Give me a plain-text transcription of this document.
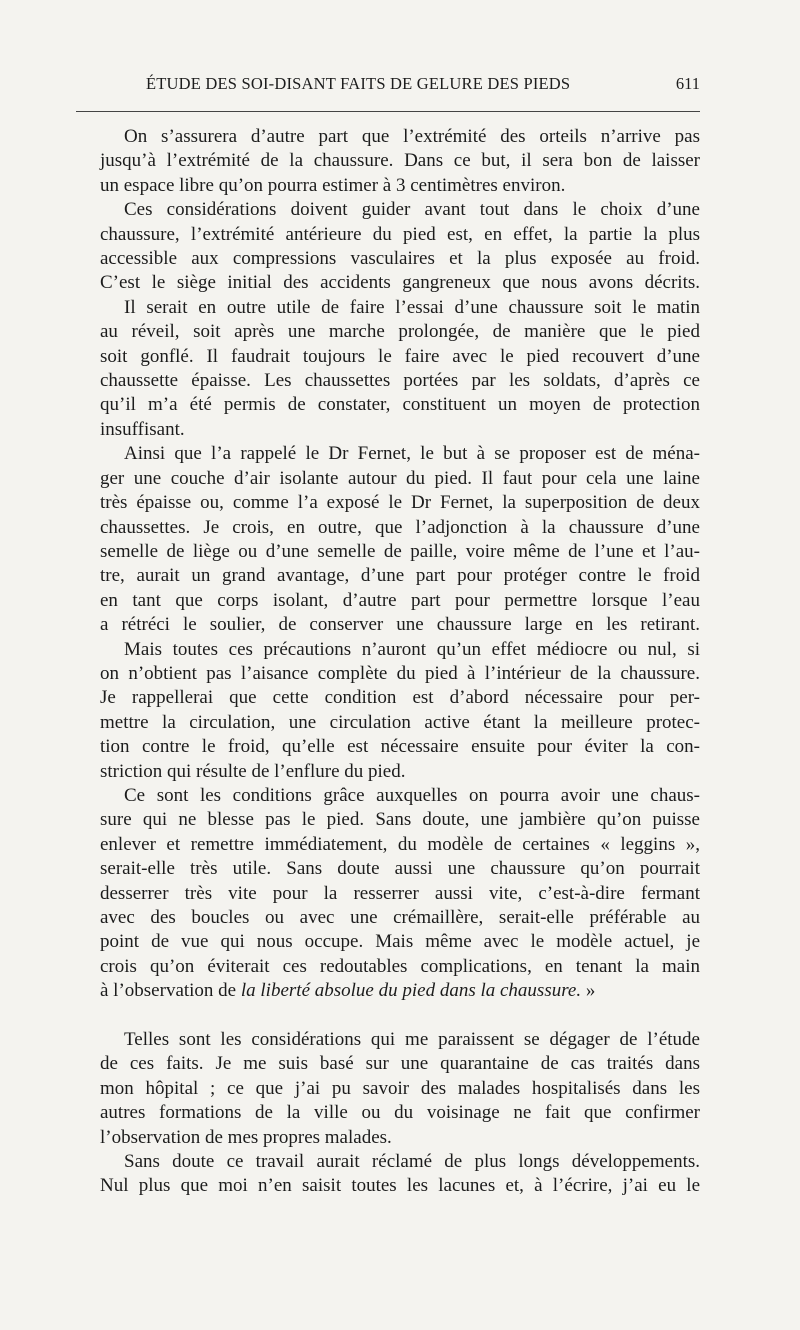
ÉTUDE DES SOI-DISANT FAITS DE GELURE DES PIEDS	611

On s’assurera d’autre part que l’extrémité des orteils n’arrive pas
jusqu’à l’extrémité de la chaussure. Dans ce but, il sera bon de laisser
un espace libre qu’on pourra estimer à 3 centimètres environ.

Ces considérations doivent guider avant tout dans le choix d’une
chaussure, l’extrémité antérieure du pied est, en effet, la partie la plus
accessible aux compressions vasculaires et la plus exposée au froid.
C’est le siège initial des accidents gangreneux que nous avons décrits.

Il serait en outre utile de faire l’essai d’une chaussure soit le matin
au réveil, soit après une marche prolongée, de manière que le pied
soit gonflé. Il faudrait toujours le faire avec le pied recouvert d’une
chaussette épaisse. Les chaussettes portées par les soldats, d’après ce
qu’il m’a été permis de constater, constituent un moyen de protection
insuffisant.

Ainsi que l’a rappelé le Dr Fernet, le but à se proposer est de ména-
ger une couche d’air isolante autour du pied. Il faut pour cela une laine
très épaisse ou, comme l’a exposé le Dr Fernet, la superposition de deux
chaussettes. Je crois, en outre, que l’adjonction à la chaussure d’une
semelle de liège ou d’une semelle de paille, voire même de l’une et l’au-
tre, aurait un grand avantage, d’une part pour protéger contre le froid
en tant que corps isolant, d’autre part pour permettre lorsque l’eau
a rétréci le soulier, de conserver une chaussure large en les retirant.

Mais toutes ces précautions n’auront qu’un effet médiocre ou nul, si
on n’obtient pas l’aisance complète du pied à l’intérieur de la chaussure.
Je rappellerai que cette condition est d’abord nécessaire pour per-
mettre la circulation, une circulation active étant la meilleure protec-
tion contre le froid, qu’elle est nécessaire ensuite pour éviter la con-
striction qui résulte de l’enflure du pied.

Ce sont les conditions grâce auxquelles on pourra avoir une chaus-
sure qui ne blesse pas le pied. Sans doute, une jambière qu’on puisse
enlever et remettre immédiatement, du modèle de certaines « leggins »,
serait-elle très utile. Sans doute aussi une chaussure qu’on pourrait
desserrer très vite pour la resserrer aussi vite, c’est-à-dire fermant
avec des boucles ou avec une crémaillère, serait-elle préférable au
point de vue qui nous occupe. Mais même avec le modèle actuel, je
crois qu’on éviterait ces redoutables complications, en tenant la main
à l’observation de la liberté absolue du pied dans la chaussure. »

Telles sont les considérations qui me paraissent se dégager de l’étude
de ces faits. Je me suis basé sur une quarantaine de cas traités dans
mon hôpital ; ce que j’ai pu savoir des malades hospitalisés dans les
autres formations de la ville ou du voisinage ne fait que confirmer
l’observation de mes propres malades.

Sans doute ce travail aurait réclamé de plus longs développements.
Nul plus que moi n’en saisit toutes les lacunes et, à l’écrire, j’ai eu le
